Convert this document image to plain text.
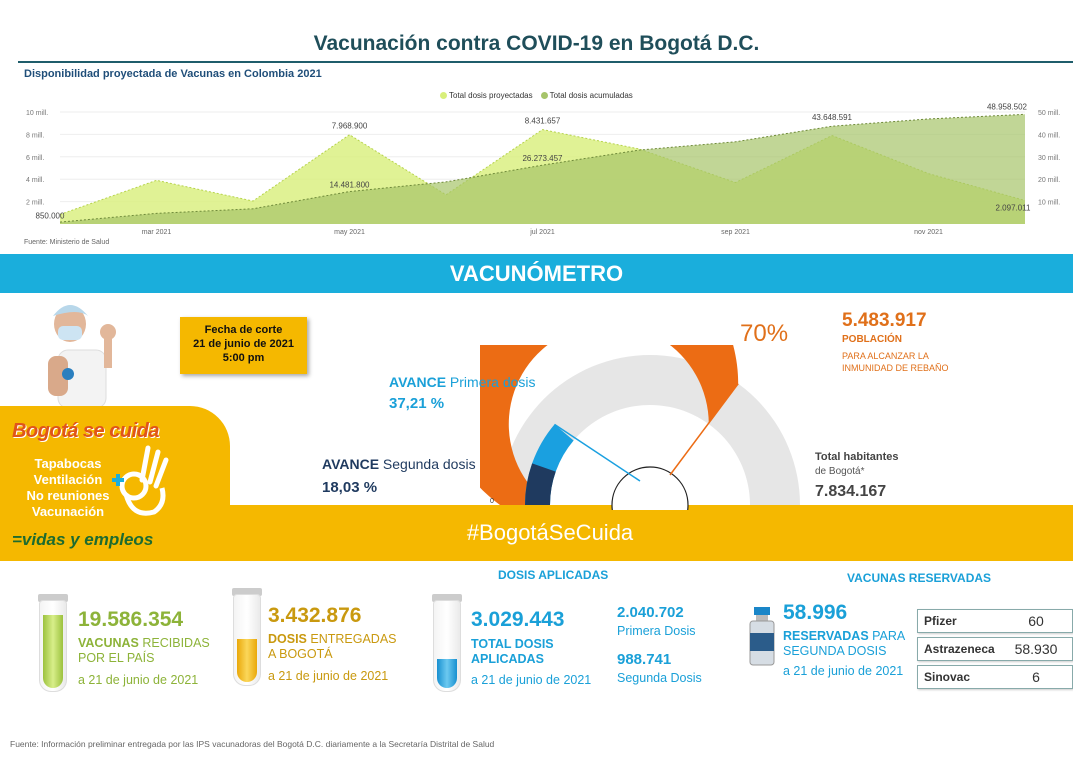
Vacunación contra COVID-19 en Bogotá D.C.
Disponibilidad proyectada de Vacunas en Colombia 2021
Total dosis proyectadas	Total dosis acumuladas
2 mill.
4 mill.
6 mill.
8 mill.
10 mill.
10 mill.
20 mill.
30 mill.
40 mill.
50 mill.
mar 2021	may 2021	jul 2021	sep 2021	nov 2021
850.000
7.968.900
14.481.800
8.431.657
26.273.457
43.648.591
48.958.502
2.097.011
Fuente: Ministerio de Salud
VACUNÓMETRO
Fecha de corte
21 de junio de 2021
5:00 pm
Bogotá se cuida
Tapabocas
Ventilación
No reuniones
Vacunación
=vidas y empleos	#BogotáSeCuida
0
70%	5.483.917
POBLACIÓN
PARA ALCANZAR LA INMUNIDAD DE REBAÑO
AVANCE Primera dosis
37,21 %
AVANCE Segunda dosis
18,03 %
Total habitantes
de Bogotá*
7.834.167
19.586.354
VACUNAS RECIBIDAS
POR EL PAÍS
a 21 de junio de 2021
3.432.876
DOSIS ENTREGADAS
A BOGOTÁ
a 21 de junio de 2021
DOSIS APLICADAS
3.029.443
TOTAL DOSIS
APLICADAS
a 21 de junio de 2021
2.040.702
Primera Dosis
988.741
Segunda Dosis
VACUNAS RESERVADAS
58.996
RESERVADAS PARA
SEGUNDA DOSIS
a 21 de junio de 2021
Pfizer	60
Astrazeneca	58.930
Sinovac	6
Fuente: Información preliminar entregada por las IPS vacunadoras del Bogotá D.C. diariamente a la Secretaría Distrital de Salud
